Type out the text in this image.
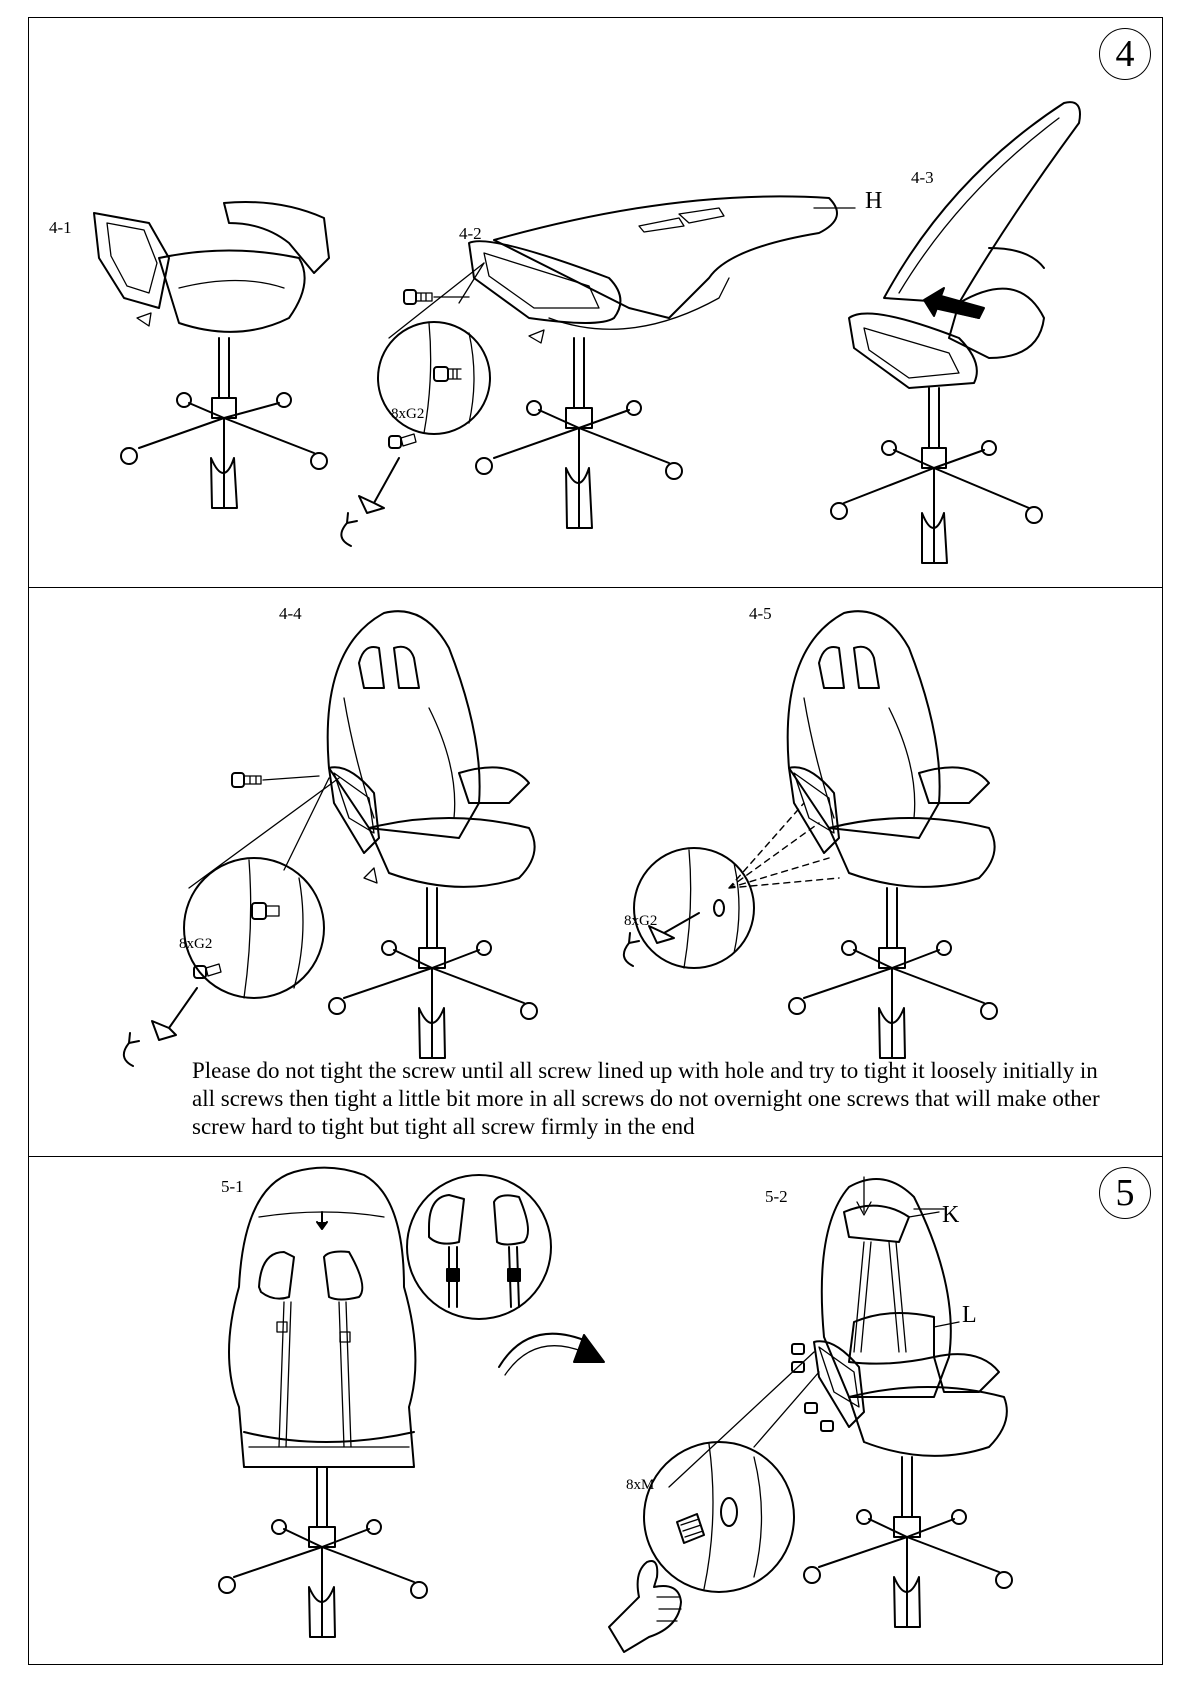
4
4-1	4-2
4-3
H
8xG2
4-4	4-5
8xG2
8xG2
Please do not tight the screw until all screw lined up with hole and try to tight it loosely initially in all screws then tight a little bit more in all screws do not overnight one screws that will make other screw hard to tight but tight all screw firmly in the end
5
5-1
5-2
K
L
8xM
